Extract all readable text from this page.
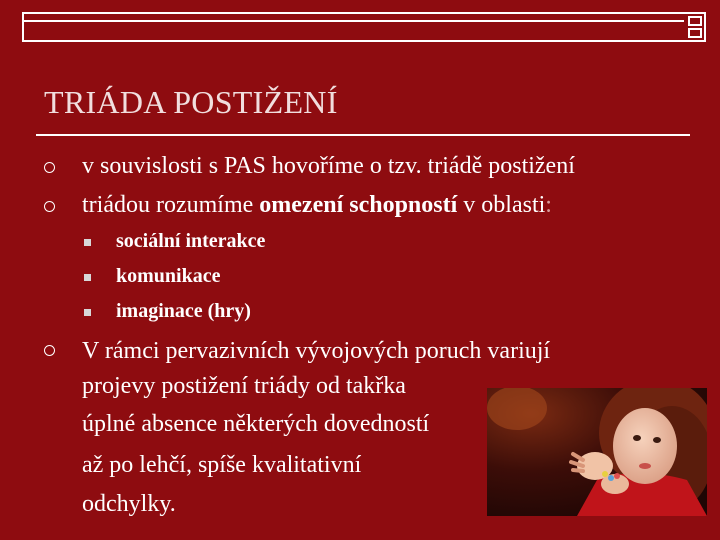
TRIÁDA POSTIŽENÍ
v souvislosti s PAS hovoříme o tzv. triádě postižení
triádou rozumíme omezení schopností v oblasti:
sociální interakce
komunikace
imaginace (hry)
V rámci pervazivních vývojových poruch variují
projevy postižení triády od takřka
úplné absence některých dovedností
až po lehčí, spíše kvalitativní
odchylky.
